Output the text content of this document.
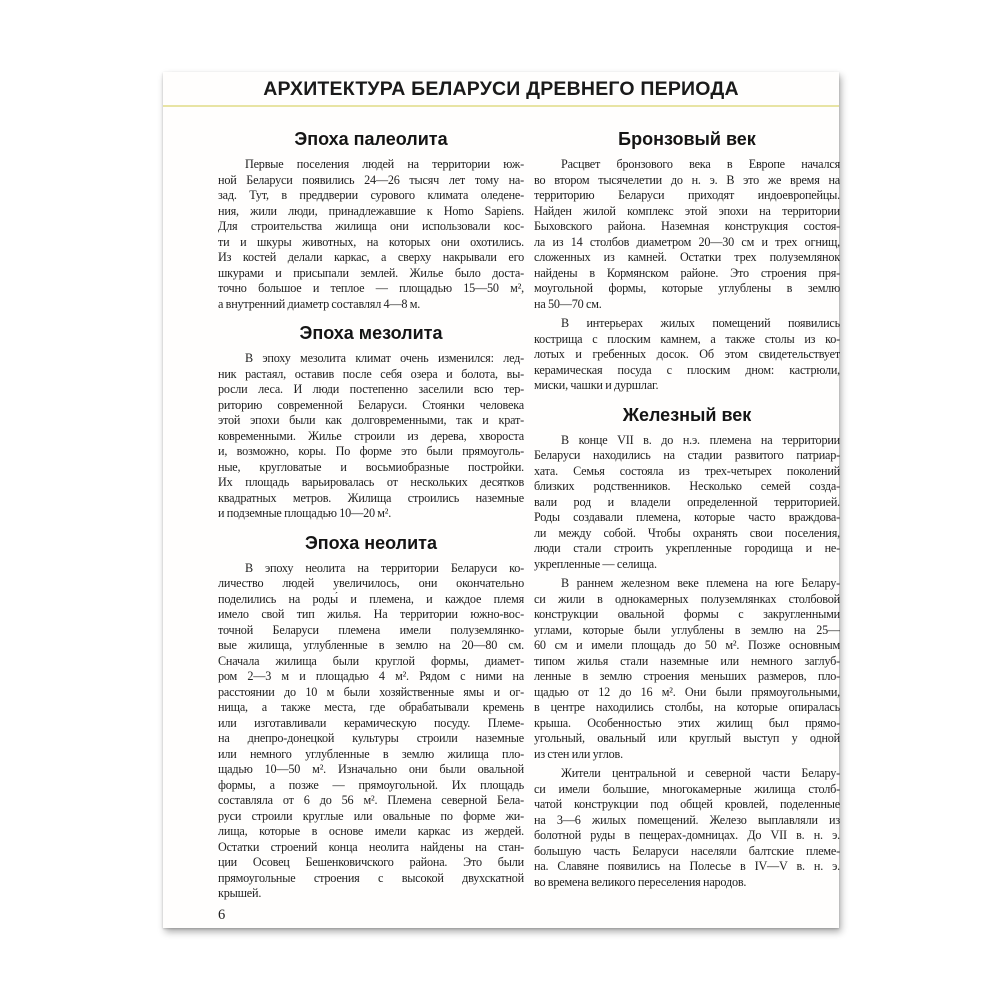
АРХИТЕКТУРА БЕЛАРУСИ ДРЕВНЕГО ПЕРИОДА
Эпоха палеолита
Первые поселения людей на территории юж-
ной Беларуси появились 24—26 тысяч лет тому на-
зад. Тут, в преддверии сурового климата оледене-
ния, жили люди, принадлежавшие к Homo Sapiens.
Для строительства жилища они использовали кос-
ти и шкуры животных, на которых они охотились.
Из костей делали каркас, а сверху накрывали его
шкурами и присыпали землей. Жилье было доста-
точно большое и теплое — площадью 15—50 м²,
а внутренний диаметр составлял 4—8 м.
Эпоха мезолита
В эпоху мезолита климат очень изменился: лед-
ник растаял, оставив после себя озера и болота, вы-
росли леса. И люди постепенно заселили всю тер-
риторию современной Беларуси. Стоянки человека
этой эпохи были как долговременными, так и крат-
ковременными. Жилье строили из дерева, хвороста
и, возможно, коры. По форме это были прямоуголь-
ные, кругловатые и восьмиобразные постройки.
Их площадь варьировалась от нескольких десятков
квадратных метров. Жилища строились наземные
и подземные площадью 10—20 м².
Эпоха неолита
В эпоху неолита на территории Беларуси ко-
личество людей увеличилось, они окончательно
поделились на роды́ и племена, и каждое племя
имело свой тип жилья. На территории южно-вос-
точной Беларуси племена имели полуземлянко-
вые жилища, углубленные в землю на 20—80 см.
Сначала жилища были круглой формы, диамет-
ром 2—3 м и площадью 4 м². Рядом с ними на
расстоянии до 10 м были хозяйственные ямы и ог-
нища, а также места, где обрабатывали кремень
или изготавливали керамическую посуду. Племе-
на днепро-донецкой культуры строили наземные
или немного углубленные в землю жилища пло-
щадью 10—50 м². Изначально они были овальной
формы, а позже — прямоугольной. Их площадь
составляла от 6 до 56 м². Племена северной Бела-
руси строили круглые или овальные по форме жи-
лища, которые в основе имели каркас из жердей.
Остатки строений конца неолита найдены на стан-
ции Осовец Бешенковичского района. Это были
прямоугольные строения с высокой двухскатной
крышей.
Бронзовый век
Расцвет бронзового века в Европе начался
во втором тысячелетии до н. э. В это же время на
территорию Беларуси приходят индоевропейцы.
Найден жилой комплекс этой эпохи на территории
Быховского района. Наземная конструкция состоя-
ла из 14 столбов диаметром 20—30 см и трех огнищ,
сложенных из камней. Остатки трех полуземлянок
найдены в Кормянском районе. Это строения пря-
моугольной формы, которые углублены в землю
на 50—70 см.
В интерьерах жилых помещений появились
кострища с плоским камнем, а также столы из ко-
лотых и гребенных досок. Об этом свидетельствует
керамическая посуда с плоским дном: кастрюли,
миски, чашки и дуршлаг.
Железный век
В конце VII в. до н.э. племена на территории
Беларуси находились на стадии развитого патриар-
хата. Семья состояла из трех-четырех поколений
близких родственников. Несколько семей созда-
вали род и владели определенной территорией.
Роды создавали племена, которые часто враждова-
ли между собой. Чтобы охранять свои поселения,
люди стали строить укрепленные городища и не-
укрепленные — селища.
В раннем железном веке племена на юге Белару-
си жили в однокамерных полуземлянках столбовой
конструкции овальной формы с закругленными
углами, которые были углублены в землю на 25—
60 см и имели площадь до 50 м². Позже основным
типом жилья стали наземные или немного заглуб-
ленные в землю строения меньших размеров, пло-
щадью от 12 до 16 м². Они были прямоугольными,
в центре находились столбы, на которые опиралась
крыша. Особенностью этих жилищ был прямо-
угольный, овальный или круглый выступ у одной
из стен или углов.
Жители центральной и северной части Белару-
си имели большие, многокамерные жилища столб-
чатой конструкции под общей кровлей, поделенные
на 3—6 жилых помещений. Железо выплавляли из
болотной руды в пещерах-домницах. До VII в. н. э.
большую часть Беларуси населяли балтские племе-
на. Славяне появились на Полесье в IV—V в. н. э.
во времена великого переселения народов.
6
